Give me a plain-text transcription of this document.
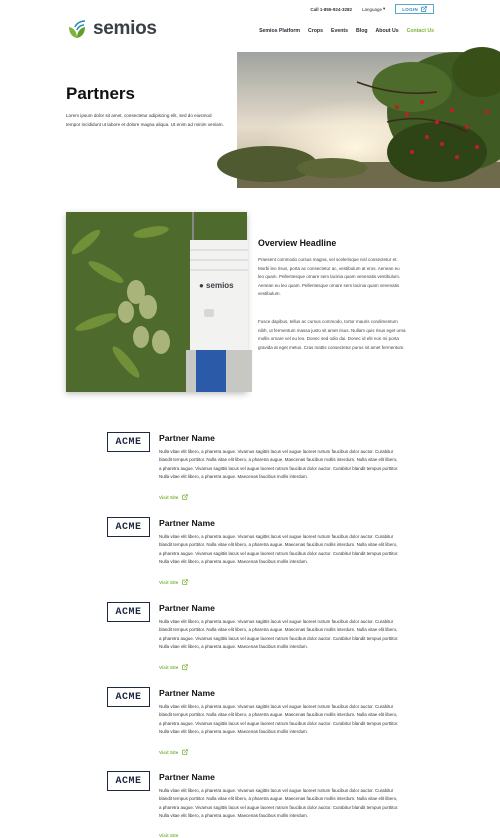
Call 1-855-924-3282 Language ▾	LOGIN
semios	Semios Platform Crops Events Blog About Us Contact Us
Partners

Lorem ipsum dolor sit amet, consectetur adipiscing elit, sed do eiusmod tempor incididunt ut labore et dolore magna aliqua. Ut enim ad minim veniam.

● semios
Overview Headline

Praesent commodo cursus magna, vel scelerisque nisl consectetur et. Morbi leo risus, porta ac consectetur ac, vestibulum at eros. Aenean eu leo quam. Pellentesque ornare sem lacinia quam venenatis vestibulum. Aenean eu leo quam. Pellentesque ornare sem lacinia quam venenatis vestibulum.

Fusce dapibus, tellus ac cursus commodo, tortor mauris condimentum nibh, ut fermentum massa justo sit amet risus. Nullam quis risus eget urna mollis ornare vel eu leo. Donec sed odio dui. Donec id elit non mi porta gravida at eget metus. Cras mattis consectetur purus sit amet fermentum.

ACME	Partner Name

Nulla vitae elit libero, a pharetra augue. Vivamus sagittis lacus vel augue laoreet rutrum faucibus dolor auctor. Curabitur blandit tempus porttitor. Nulla vitae elit libero, a pharetra augue. Maecenas faucibus mollis interdum. Nulla vitae elit libero, a pharetra augue. Vivamus sagittis lacus vel augue laoreet rutrum faucibus dolor auctor. Curabitur blandit tempus porttitor. Nulla vitae elit libero, a pharetra augue. Maecenas faucibus mollis interdum.

Visit Site
ACME	Partner Name

Nulla vitae elit libero, a pharetra augue. Vivamus sagittis lacus vel augue laoreet rutrum faucibus dolor auctor. Curabitur blandit tempus porttitor. Nulla vitae elit libero, a pharetra augue. Maecenas faucibus mollis interdum. Nulla vitae elit libero, a pharetra augue. Vivamus sagittis lacus vel augue laoreet rutrum faucibus dolor auctor. Curabitur blandit tempus porttitor. Nulla vitae elit libero, a pharetra augue. Maecenas faucibus mollis interdum.

Visit Site
ACME	Partner Name

Nulla vitae elit libero, a pharetra augue. Vivamus sagittis lacus vel augue laoreet rutrum faucibus dolor auctor. Curabitur blandit tempus porttitor. Nulla vitae elit libero, a pharetra augue. Maecenas faucibus mollis interdum. Nulla vitae elit libero, a pharetra augue. Vivamus sagittis lacus vel augue laoreet rutrum faucibus dolor auctor. Curabitur blandit tempus porttitor. Nulla vitae elit libero, a pharetra augue. Maecenas faucibus mollis interdum.

Visit Site
ACME	Partner Name

Nulla vitae elit libero, a pharetra augue. Vivamus sagittis lacus vel augue laoreet rutrum faucibus dolor auctor. Curabitur blandit tempus porttitor. Nulla vitae elit libero, a pharetra augue. Maecenas faucibus mollis interdum. Nulla vitae elit libero, a pharetra augue. Vivamus sagittis lacus vel augue laoreet rutrum faucibus dolor auctor. Curabitur blandit tempus porttitor. Nulla vitae elit libero, a pharetra augue. Maecenas faucibus mollis interdum.

Visit Site
ACME	Partner Name

Nulla vitae elit libero, a pharetra augue. Vivamus sagittis lacus vel augue laoreet rutrum faucibus dolor auctor. Curabitur blandit tempus porttitor. Nulla vitae elit libero, a pharetra augue. Maecenas faucibus mollis interdum. Nulla vitae elit libero, a pharetra augue. Vivamus sagittis lacus vel augue laoreet rutrum faucibus dolor auctor. Curabitur blandit tempus porttitor. Nulla vitae elit libero, a pharetra augue. Maecenas faucibus mollis interdum.

Visit Site
